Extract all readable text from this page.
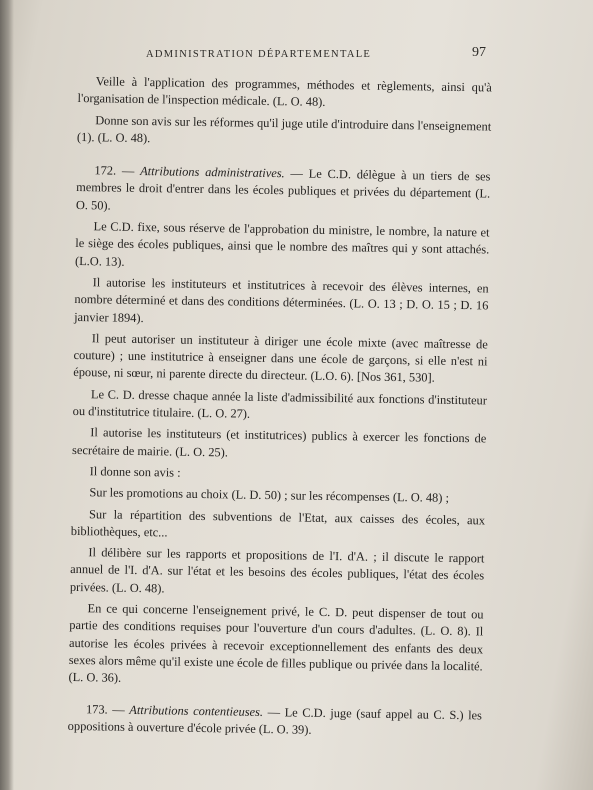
ADMINISTRATION DÉPARTEMENTALE	97

Veille à l'application des programmes, méthodes et règlements, ainsi qu'à l'organisation de l'inspection médicale. (L. O. 48).

Donne son avis sur les réformes qu'il juge utile d'introduire dans l'enseignement (1). (L. O. 48).

172. — Attributions administratives. — Le C.D. délègue à un tiers de ses membres le droit d'entrer dans les écoles publiques et privées du département (L. O. 50).

Le C.D. fixe, sous réserve de l'approbation du ministre, le nombre, la nature et le siège des écoles publiques, ainsi que le nombre des maîtres qui y sont attachés. (L.O. 13).

Il autorise les instituteurs et institutrices à recevoir des élèves internes, en nombre déterminé et dans des conditions déterminées. (L. O. 13 ; D. O. 15 ; D. 16 janvier 1894).

Il peut autoriser un instituteur à diriger une école mixte (avec maîtresse de couture) ; une institutrice à enseigner dans une école de garçons, si elle n'est ni épouse, ni sœur, ni parente directe du directeur. (L.O. 6). [Nos 361, 530].

Le C. D. dresse chaque année la liste d'admissibilité aux fonctions d'instituteur ou d'institutrice titulaire. (L. O. 27).

Il autorise les instituteurs (et institutrices) publics à exercer les fonctions de secrétaire de mairie. (L. O. 25).

Il donne son avis :

Sur les promotions au choix (L. D. 50) ; sur les récompenses (L. O. 48) ;

Sur la répartition des subventions de l'Etat, aux caisses des écoles, aux bibliothèques, etc...

Il délibère sur les rapports et propositions de l'I. d'A. ; il discute le rapport annuel de l'I. d'A. sur l'état et les besoins des écoles publiques, l'état des écoles privées. (L. O. 48).

En ce qui concerne l'enseignement privé, le C. D. peut dispenser de tout ou partie des conditions requises pour l'ouverture d'un cours d'adultes. (L. O. 8). Il autorise les écoles privées à recevoir exceptionnellement des enfants des deux sexes alors même qu'il existe une école de filles publique ou privée dans la localité. (L. O. 36).

173. — Attributions contentieuses. — Le C.D. juge (sauf appel au C. S.) les oppositions à ouverture d'école privée (L. O. 39).
